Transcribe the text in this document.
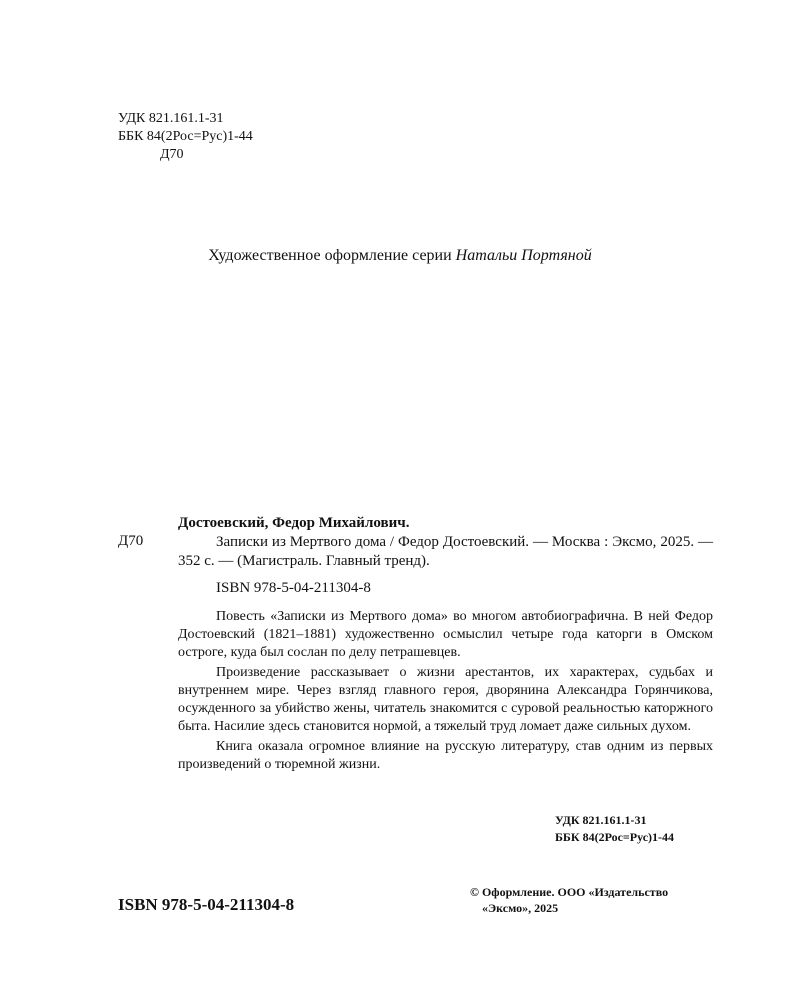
УДК 821.161.1-31
ББК 84(2Рос=Рус)1-44
Д70
Художественное оформление серии Натальи Портяной
Д70
Достоевский, Федор Михайлович.

Записки из Мертвого дома / Федор Достоевский. — Москва : Эксмо, 2025. — 352 с. — (Магистраль. Главный тренд).

ISBN 978-5-04-211304-8

Повесть «Записки из Мертвого дома» во многом автобиографична. В ней Федор Достоевский (1821–1881) художественно осмыслил четыре года каторги в Омском остроге, куда был сослан по делу петрашевцев.

Произведение рассказывает о жизни арестантов, их характерах, судьбах и внутреннем мире. Через взгляд главного героя, дворянина Александра Горянчикова, осужденного за убийство жены, читатель знакомится с суровой реальностью каторжного быта. Насилие здесь становится нормой, а тяжелый труд ломает даже сильных духом.

Книга оказала огромное влияние на русскую литературу, став одним из первых произведений о тюремной жизни.

УДК 821.161.1-31
ББК 84(2Рос=Рус)1-44
ISBN 978-5-04-211304-8
© Оформление. ООО «Издательство
«Эксмо», 2025
